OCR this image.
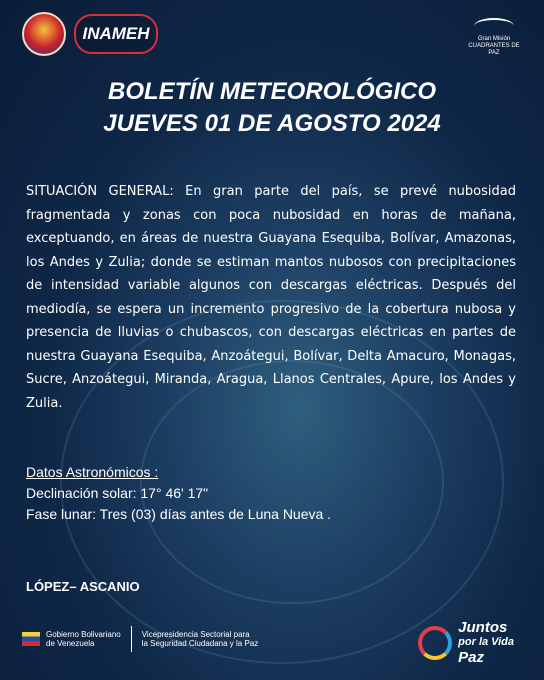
INAMEH	Gran Misión CUADRANTES DE PAZ
BOLETÍN METEOROLÓGICO
JUEVES 01 DE AGOSTO 2024
SITUACIÓN GENERAL: En gran parte del país, se prevé nubosidad fragmentada y zonas con poca nubosidad en horas de mañana, exceptuando, en áreas de nuestra Guayana Esequiba, Bolívar, Amazonas, los Andes y Zulia; donde se estiman mantos nubosos con precipitaciones de intensidad variable algunos con descargas eléctricas. Después del mediodía, se espera un incremento progresivo de la cobertura nubosa y presencia de lluvias o chubascos, con descargas eléctricas en partes de nuestra Guayana Esequiba, Anzoátegui, Bolívar, Delta Amacuro, Monagas, Sucre, Anzoátegui, Miranda, Aragua, Llanos Centrales, Apure, los Andes y Zulia.
Datos Astronómicos :
Declinación solar: 17° 46' 17"
Fase lunar: Tres (03) días antes de Luna Nueva .
LÓPEZ– ASCANIO
Gobierno Bolivariano
de Venezuela
Vicepresidencia Sectorial para
la Seguridad Ciudadana y la Paz
Juntos
por la Vida
Paz
